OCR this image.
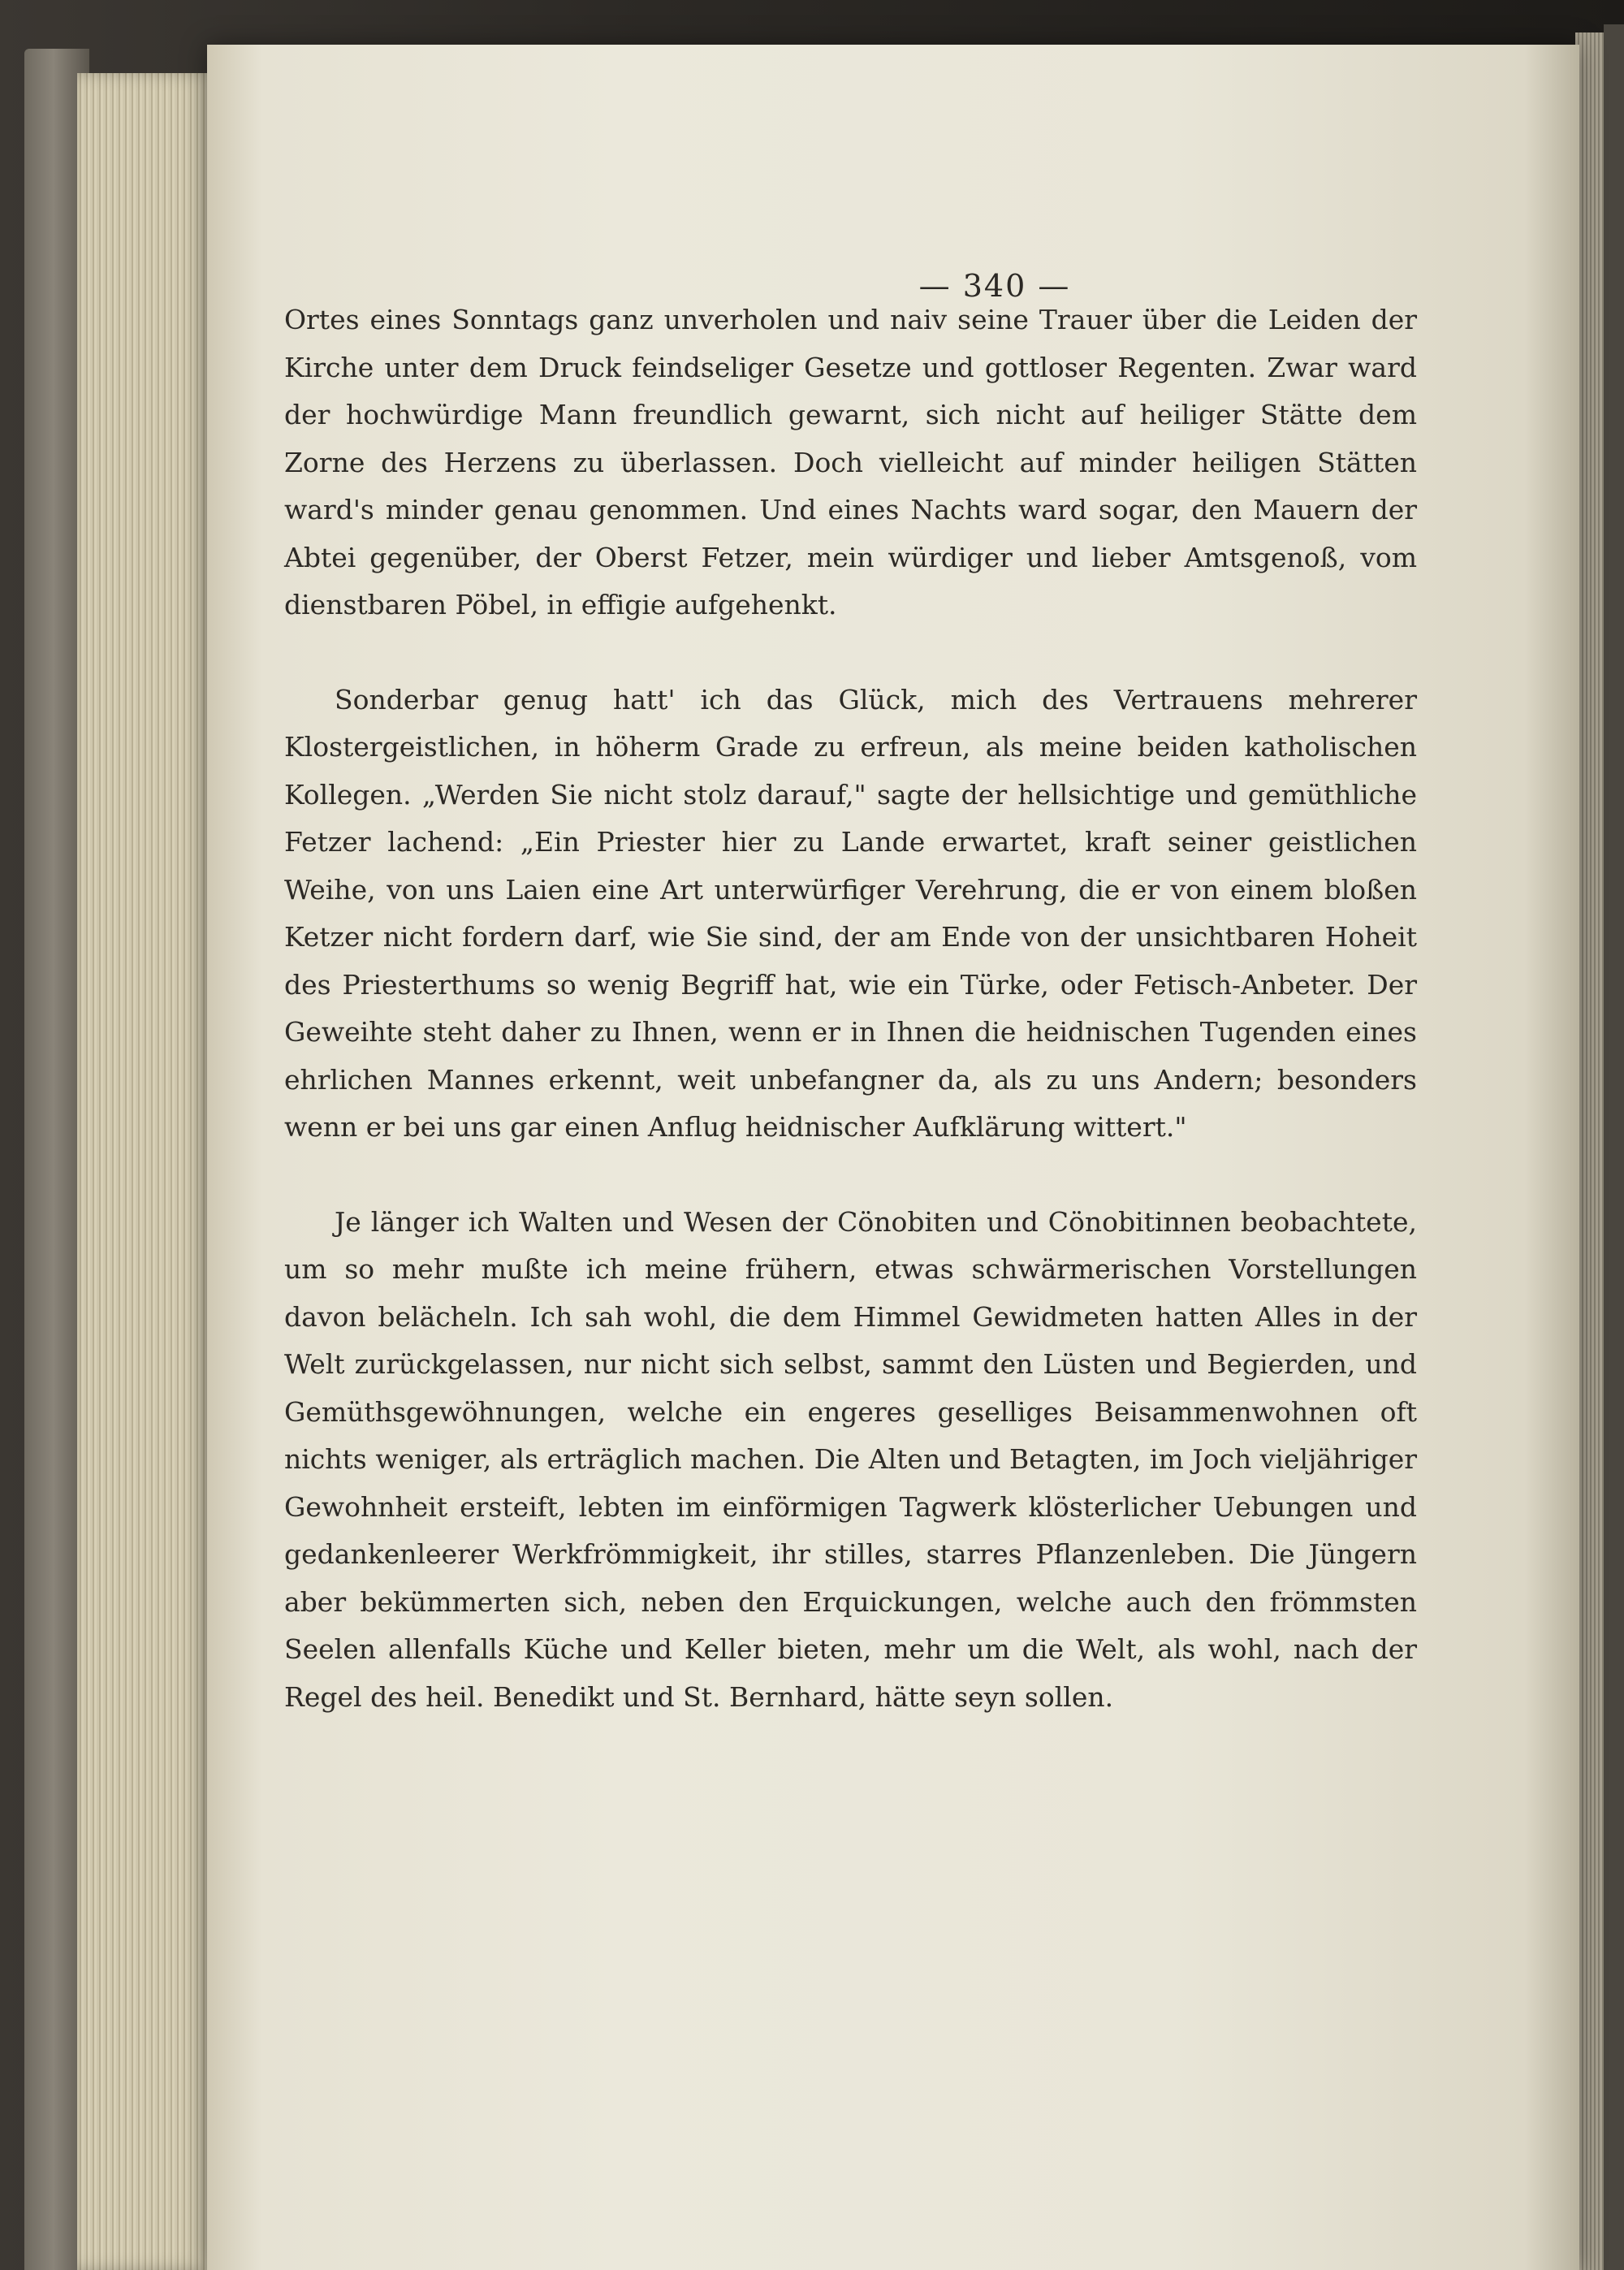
— 340 —

Ortes eines Sonntags ganz unverholen und naiv seine Trauer über die Leiden der Kirche unter dem Druck feindseliger Gesetze und gottloser Regenten. Zwar ward der hochwürdige Mann freundlich gewarnt, sich nicht auf heiliger Stätte dem Zorne des Herzens zu überlassen. Doch vielleicht auf minder heiligen Stätten ward's minder genau genommen. Und eines Nachts ward sogar, den Mauern der Abtei gegenüber, der Oberst Fetzer, mein würdiger und lieber Amtsgenoß, vom dienstbaren Pöbel, in effigie aufgehenkt.

Sonderbar genug hatt' ich das Glück, mich des Vertrauens mehrerer Klostergeistlichen, in höherm Grade zu erfreun, als meine beiden katholischen Kollegen. „Werden Sie nicht stolz darauf," sagte der hellsichtige und gemüthliche Fetzer lachend: „Ein Priester hier zu Lande erwartet, kraft seiner geistlichen Weihe, von uns Laien eine Art unterwürfiger Verehrung, die er von einem bloßen Ketzer nicht fordern darf, wie Sie sind, der am Ende von der unsichtbaren Hoheit des Priesterthums so wenig Begriff hat, wie ein Türke, oder Fetisch-Anbeter. Der Geweihte steht daher zu Ihnen, wenn er in Ihnen die heidnischen Tugenden eines ehrlichen Mannes erkennt, weit unbefangner da, als zu uns Andern; besonders wenn er bei uns gar einen Anflug heidnischer Aufklärung wittert."

Je länger ich Walten und Wesen der Cönobiten und Cönobitinnen beobachtete, um so mehr mußte ich meine frühern, etwas schwärmerischen Vorstellungen davon belächeln. Ich sah wohl, die dem Himmel Gewidmeten hatten Alles in der Welt zurückgelassen, nur nicht sich selbst, sammt den Lüsten und Begierden, und Gemüthsgewöhnungen, welche ein engeres geselliges Beisammenwohnen oft nichts weniger, als erträglich machen. Die Alten und Betagten, im Joch vieljähriger Gewohnheit ersteift, lebten im einförmigen Tagwerk klösterlicher Uebungen und gedankenleerer Werkfrömmigkeit, ihr stilles, starres Pflanzenleben. Die Jüngern aber bekümmerten sich, neben den Erquickungen, welche auch den frömmsten Seelen allenfalls Küche und Keller bieten, mehr um die Welt, als wohl, nach der Regel des heil. Benedikt und St. Bernhard, hätte seyn sollen.
